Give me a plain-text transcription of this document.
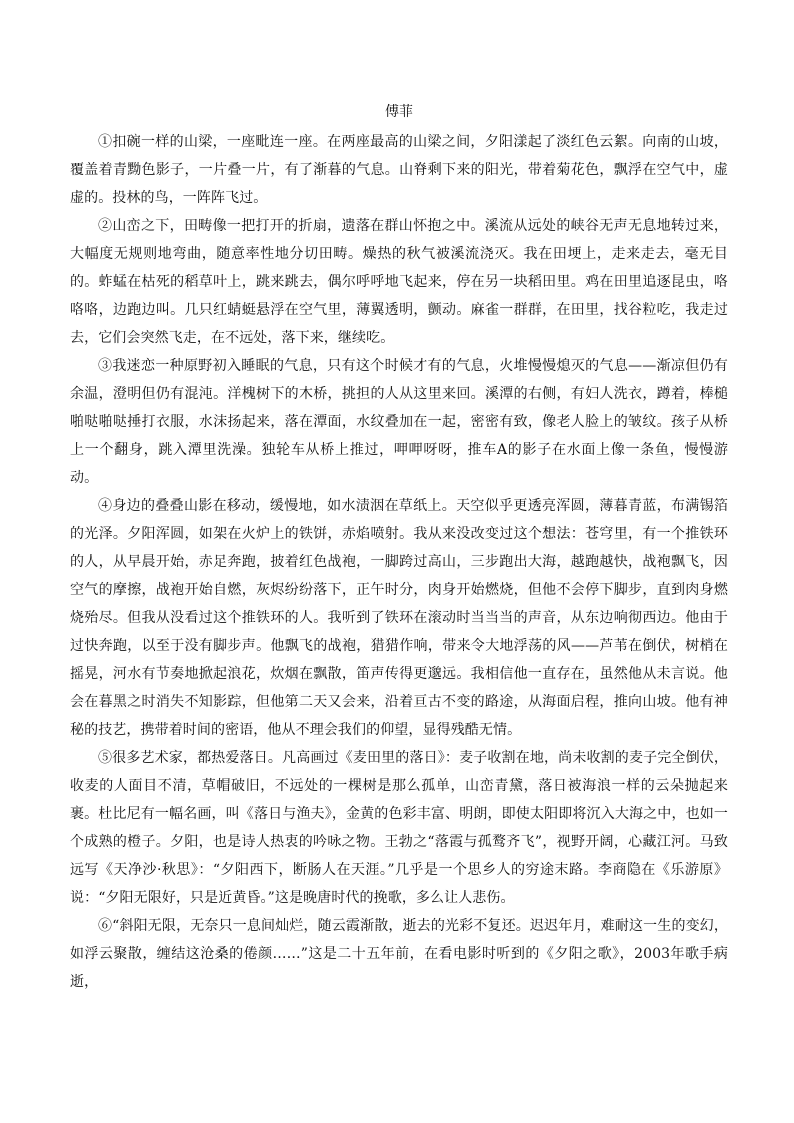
傅菲

①扣碗一样的山梁，一座毗连一座。在两座最高的山梁之间，夕阳漾起了淡红色云絮。向南的山坡，覆盖着青黝色影子，一片叠一片，有了渐暮的气息。山脊剩下来的阳光，带着菊花色，飘浮在空气中，虚虚的。投林的鸟，一阵阵飞过。

②山峦之下，田畴像一把打开的折扇，遗落在群山怀抱之中。溪流从远处的峡谷无声无息地转过来，大幅度无规则地弯曲，随意率性地分切田畴。燥热的秋气被溪流浇灭。我在田埂上，走来走去，毫无目的。蚱蜢在枯死的稻草叶上，跳来跳去，偶尔呼呼地飞起来，停在另一块稻田里。鸡在田里追逐昆虫，咯咯咯，边跑边叫。几只红蜻蜓悬浮在空气里，薄翼透明，颤动。麻雀一群群，在田里，找谷粒吃，我走过去，它们会突然飞走，在不远处，落下来，继续吃。

③我迷恋一种原野初入睡眠的气息，只有这个时候才有的气息，火堆慢慢熄灭的气息——渐凉但仍有余温，澄明但仍有混沌。洋槐树下的木桥，挑担的人从这里来回。溪潭的右侧，有妇人洗衣，蹲着，棒槌啪哒啪哒捶打衣服，水沫扬起来，落在潭面，水纹叠加在一起，密密有致，像老人脸上的皱纹。孩子从桥上一个翻身，跳入潭里洗澡。独轮车从桥上推过，呷呷呀呀，推车A的影子在水面上像一条鱼，慢慢游动。

④身边的叠叠山影在移动，缓慢地，如水渍洇在草纸上。天空似乎更透亮浑圆，薄暮青蓝，布满锡箔的光泽。夕阳浑圆，如架在火炉上的铁饼，赤焰喷射。我从来没改变过这个想法：苍穹里，有一个推铁环的人，从早晨开始，赤足奔跑，披着红色战袍，一脚跨过高山，三步跑出大海，越跑越快，战袍飘飞，因空气的摩擦，战袍开始自燃，灰烬纷纷落下，正午时分，肉身开始燃烧，但他不会停下脚步，直到肉身燃烧殆尽。但我从没看过这个推铁环的人。我听到了铁环在滚动时当当当的声音，从东边响彻西边。他由于过快奔跑，以至于没有脚步声。他飘飞的战袍，猎猎作响，带来令大地浮荡的风——芦苇在倒伏，树梢在摇晃，河水有节奏地掀起浪花，炊烟在飘散，笛声传得更邈远。我相信他一直存在，虽然他从未言说。他会在暮黑之时消失不知影踪，但他第二天又会来，沿着亘古不变的路途，从海面启程，推向山坡。他有神秘的技艺，携带着时间的密语，他从不理会我们的仰望，显得残酷无情。

⑤很多艺术家，都热爱落日。凡高画过《麦田里的落日》：麦子收割在地，尚未收割的麦子完全倒伏，收麦的人面目不清，草帽破旧，不远处的一棵树是那么孤单，山峦青黛，落日被海浪一样的云朵抛起来裹。杜比尼有一幅名画，叫《落日与渔夫》，金黄的色彩丰富、明朗，即使太阳即将沉入大海之中，也如一个成熟的橙子。夕阳，也是诗人热衷的吟咏之物。王勃之“落霞与孤鹜齐飞”，视野开阔，心藏江河。马致远写《天净沙·秋思》：“夕阳西下，断肠人在天涯。”几乎是一个思乡人的穷途末路。李商隐在《乐游原》说：“夕阳无限好，只是近黄昏。”这是晚唐时代的挽歌，多么让人悲伤。

⑥“斜阳无限，无奈只一息间灿烂，随云霞渐散，逝去的光彩不复还。迟迟年月，难耐这一生的变幻，如浮云聚散，缠结这沧桑的倦颜……”这是二十五年前，在看电影时听到的《夕阳之歌》，2003年歌手病逝，
